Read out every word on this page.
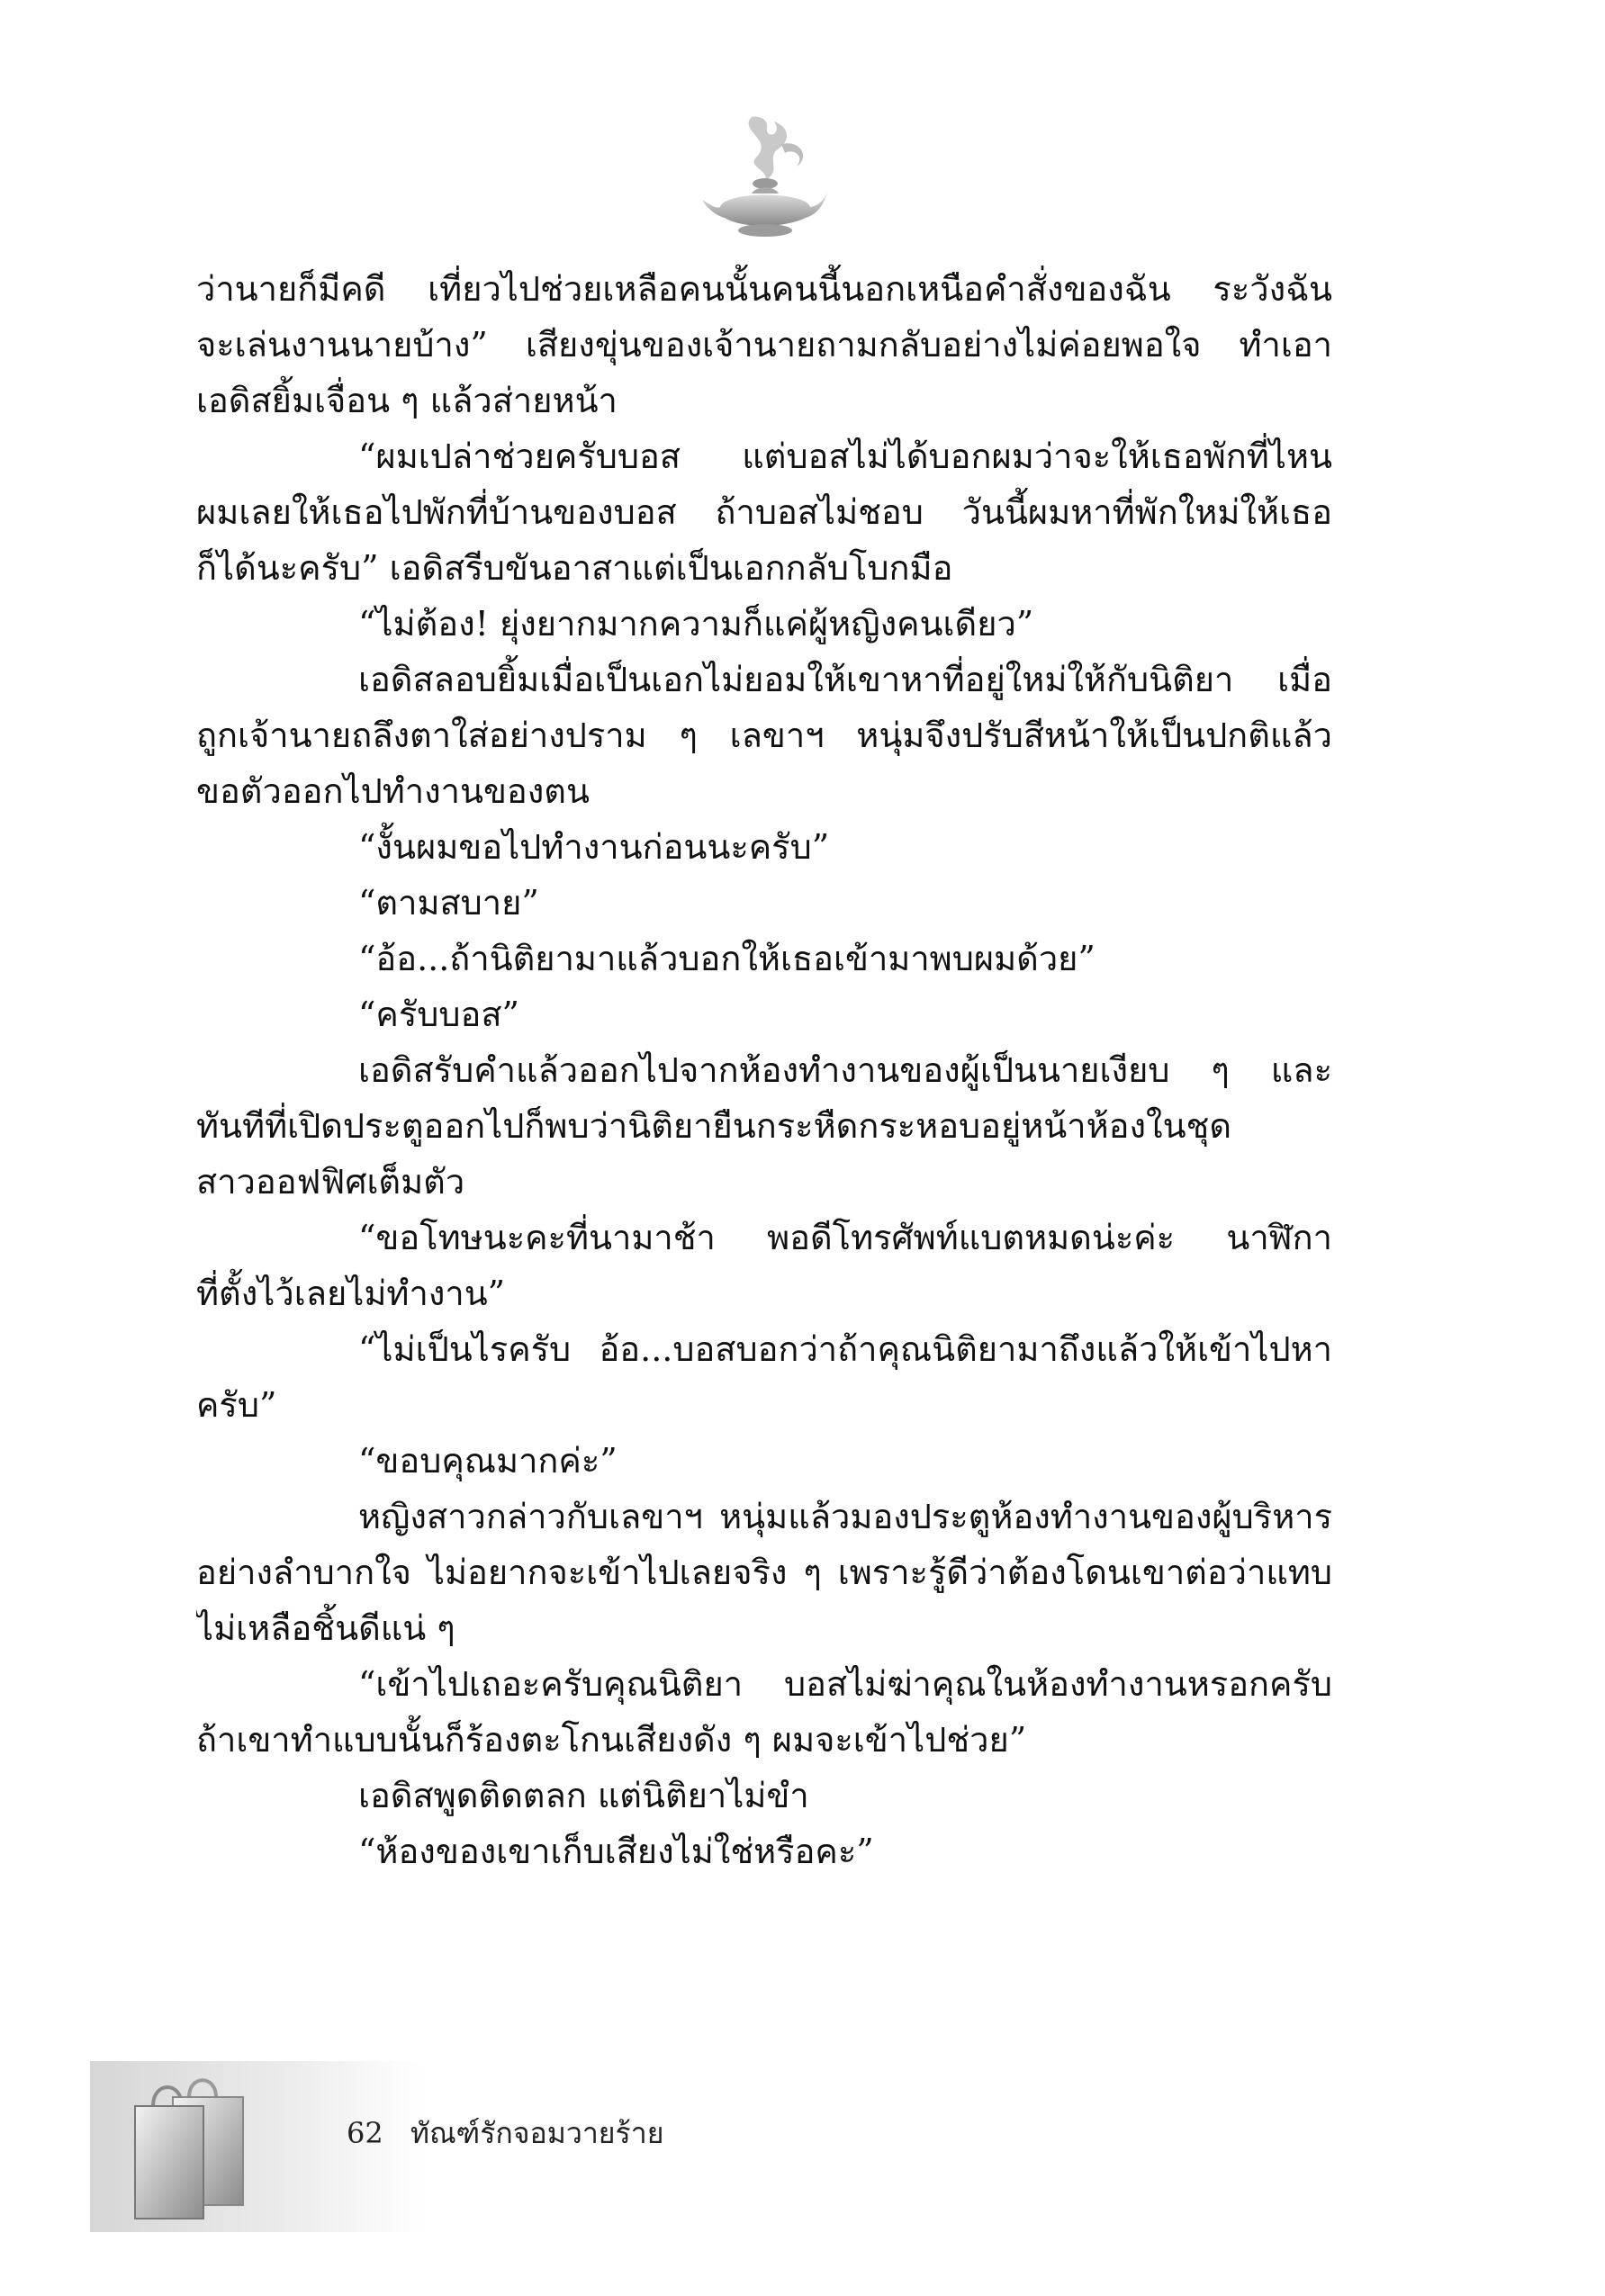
ว่านายก็มีคดี เที่ยวไปช่วยเหลือคนนั้นคนนี้นอกเหนือคำสั่งของฉัน ระวังฉัน
จะเล่นงานนายบ้าง” เสียงขุ่นของเจ้านายถามกลับอย่างไม่ค่อยพอใจ ทำเอา
เอดิสยิ้มเจื่อน ๆ แล้วส่ายหน้า
“ผมเปล่าช่วยครับบอส แต่บอสไม่ได้บอกผมว่าจะให้เธอพักที่ไหน
ผมเลยให้เธอไปพักที่บ้านของบอส ถ้าบอสไม่ชอบ วันนี้ผมหาที่พักใหม่ให้เธอ
ก็ได้นะครับ” เอดิสรีบขันอาสาแต่เป็นเอกกลับโบกมือ
“ไม่ต้อง! ยุ่งยากมากความก็แค่ผู้หญิงคนเดียว”
เอดิสลอบยิ้มเมื่อเป็นเอกไม่ยอมให้เขาหาที่อยู่ใหม่ให้กับนิติยา เมื่อ
ถูกเจ้านายถลึงตาใส่อย่างปราม ๆ เลขาฯ หนุ่มจึงปรับสีหน้าให้เป็นปกติแล้ว
ขอตัวออกไปทำงานของตน
“งั้นผมขอไปทำงานก่อนนะครับ”
“ตามสบาย”
“อ้อ...ถ้านิติยามาแล้วบอกให้เธอเข้ามาพบผมด้วย”
“ครับบอส”
เอดิสรับคำแล้วออกไปจากห้องทำงานของผู้เป็นนายเงียบ ๆ และ
ทันทีที่เปิดประตูออกไปก็พบว่านิติยายืนกระหืดกระหอบอยู่หน้าห้องในชุด
สาวออฟฟิศเต็มตัว
“ขอโทษนะคะที่นามาช้า พอดีโทรศัพท์แบตหมดน่ะค่ะ นาฬิกา
ที่ตั้งไว้เลยไม่ทำงาน”
“ไม่เป็นไรครับ อ้อ...บอสบอกว่าถ้าคุณนิติยามาถึงแล้วให้เข้าไปหา
ครับ”
“ขอบคุณมากค่ะ”
หญิงสาวกล่าวกับเลขาฯ หนุ่มแล้วมองประตูห้องทำงานของผู้บริหาร
อย่างลำบากใจ ไม่อยากจะเข้าไปเลยจริง ๆ เพราะรู้ดีว่าต้องโดนเขาต่อว่าแทบ
ไม่เหลือชิ้นดีแน่ ๆ
“เข้าไปเถอะครับคุณนิติยา บอสไม่ฆ่าคุณในห้องทำงานหรอกครับ
ถ้าเขาทำแบบนั้นก็ร้องตะโกนเสียงดัง ๆ ผมจะเข้าไปช่วย”
เอดิสพูดติดตลก แต่นิติยาไม่ขำ
“ห้องของเขาเก็บเสียงไม่ใช่หรือคะ”
62 ทัณฑ์รักจอมวายร้าย
